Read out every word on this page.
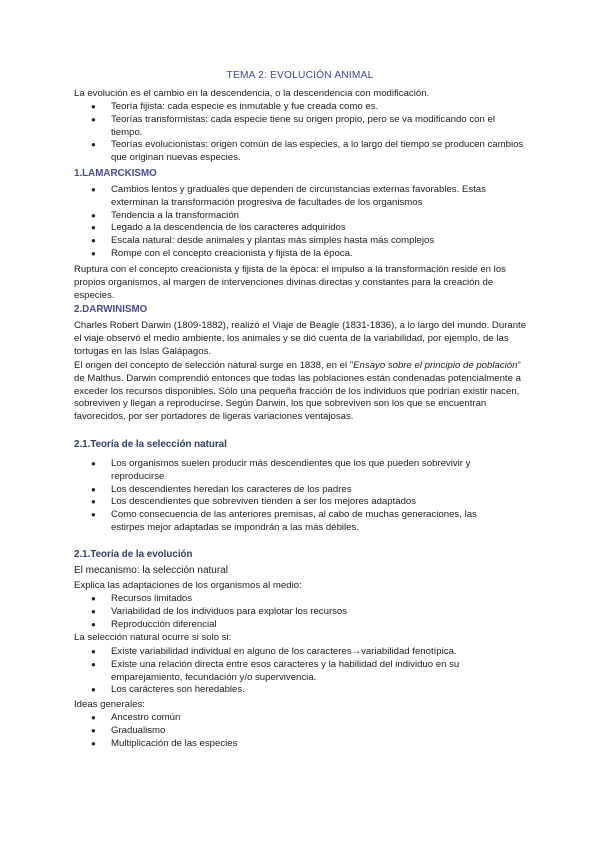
TEMA 2: EVOLUCIÓN ANIMAL

La evolución es el cambio en la descendencia, o la descendencia con modificación.

● Teoría fijista: cada especie es inmutable y fue creada como es.
● Teorías transformistas: cada especie tiene su origen propio, pero se va modificando con el tiempo.
● Teorías evolucionistas: origen común de las especies, a lo largo del tiempo se producen cambios que originan nuevas especies.
1.LAMARCKISMO
● Cambios lentos y graduales que dependen de circunstancias externas favorables. Estas exterminan la transformación progresiva de facultades de los organismos
● Tendencia a la transformación
● Legado a la descendencia de los caracteres adquiridos
● Escala natural: desde animales y plantas más simples hasta más complejos
● Rompe con el concepto creacionista y fijista de la época.

Ruptura con el concepto creacionista y fijista de la época: el impulso a la transformación reside en los propios organismos, al margen de intervenciones divinas directas y constantes para la creación de especies.

2.DARWINISMO

Charles Robert Darwin (1809-1882), realizó el Viaje de Beagle (1831-1836), a lo largo del mundo. Durante el viaje observó el medio ambiente, los animales y se dió cuenta de la variabilidad, por ejemplo, de las tortugas en las Islas Galápagos.

El origen del concepto de selección natural surge en 1838, en el "Ensayo sobre el principio de población" de Malthus. Darwin comprendió entonces que todas las poblaciones están condenadas potencialmente a exceder los recursos disponibles. Sólo una pequeña fracción de los individuos que podrían existir nacen, sobreviven y llegan a reproducirse. Según Darwin, los que sobreviven son los que se encuentran favorecidos, por ser portadores de ligeras variaciones ventajosas.

2.1.Teoría de la selección natural
● Los organismos suelen producir más descendientes que los que pueden sobrevivir y reproducirse
● Los descendientes heredan los caracteres de los padres
● Los descendientes que sobreviven tienden a ser los mejores adaptados
● Como consecuencia de las anteriores premisas, al cabo de muchas generaciones, las estirpes mejor adaptadas se impondrán a las más débiles.
2.1.Teoría de la evolución

El mecanismo: la selección natural

Explica las adaptaciones de los organismos al medio:

● Recursos limitados
● Variabilidad de los individuos para explotar los recursos
● Reproducción diferencial

La selección natural ocurre si solo si:

● Existe variabilidad individual en alguno de los caracteres→variabilidad fenotípica.
● Existe una relación directa entre esos caracteres y la habilidad del individuo en su emparejamiento, fecundación y/o supervivencia.
● Los carácteres son heredables.

Ideas generales:

● Ancestro común
● Gradualismo
● Multiplicación de las especies
